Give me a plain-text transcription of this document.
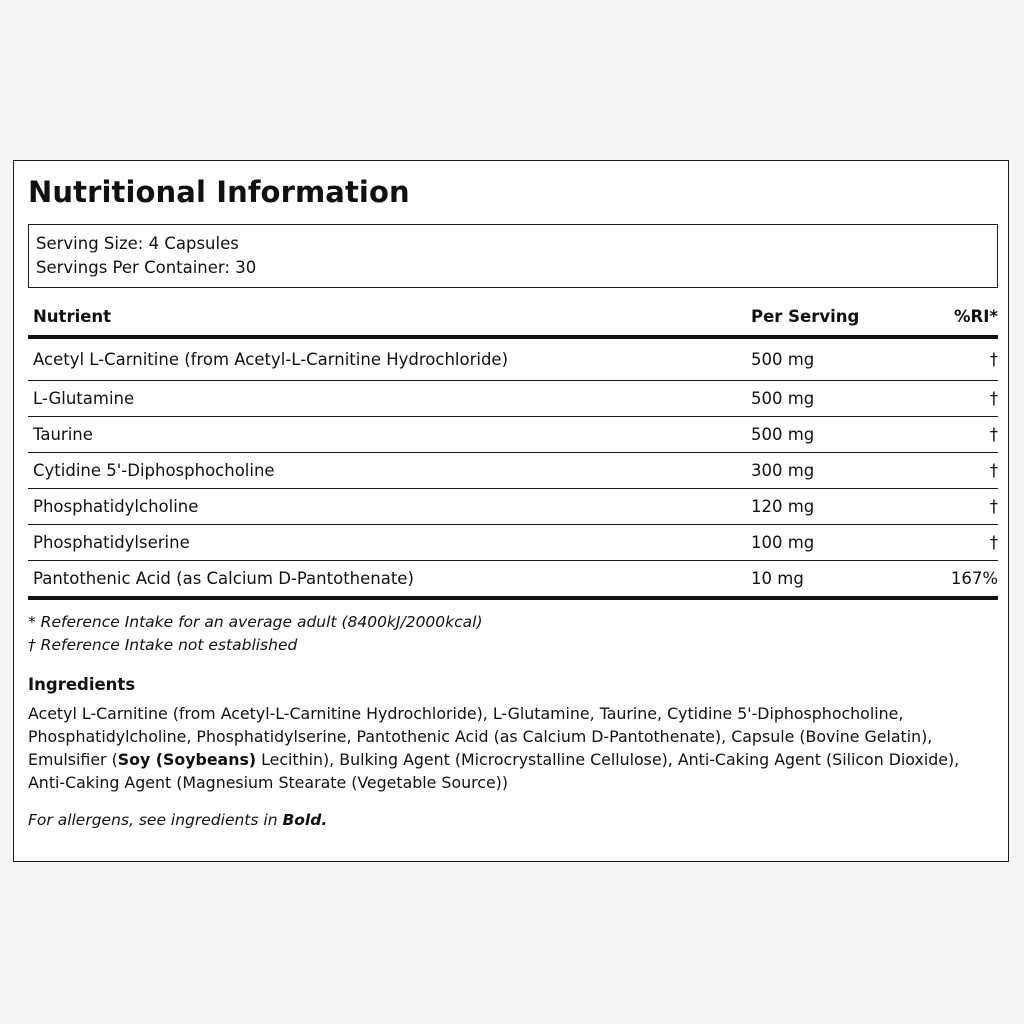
Nutritional Information
Serving Size: 4 Capsules
Servings Per Container: 30
Nutrient	Per Serving	%RI*
Acetyl L-Carnitine (from Acetyl-L-Carnitine Hydrochloride)	500 mg	†
L-Glutamine	500 mg	†
Taurine	500 mg	†
Cytidine 5'-Diphosphocholine	300 mg	†
Phosphatidylcholine	120 mg	†
Phosphatidylserine	100 mg	†
Pantothenic Acid (as Calcium D-Pantothenate)	10 mg	167%
* Reference Intake for an average adult (8400kJ/2000kcal)
† Reference Intake not established
Ingredients
Acetyl L-Carnitine (from Acetyl-L-Carnitine Hydrochloride), L-Glutamine, Taurine, Cytidine 5'-Diphosphocholine, Phosphatidylcholine, Phosphatidylserine, Pantothenic Acid (as Calcium D-Pantothenate), Capsule (Bovine Gelatin), Emulsifier (Soy (Soybeans) Lecithin), Bulking Agent (Microcrystalline Cellulose), Anti-Caking Agent (Silicon Dioxide), Anti-Caking Agent (Magnesium Stearate (Vegetable Source))
For allergens, see ingredients in Bold.
